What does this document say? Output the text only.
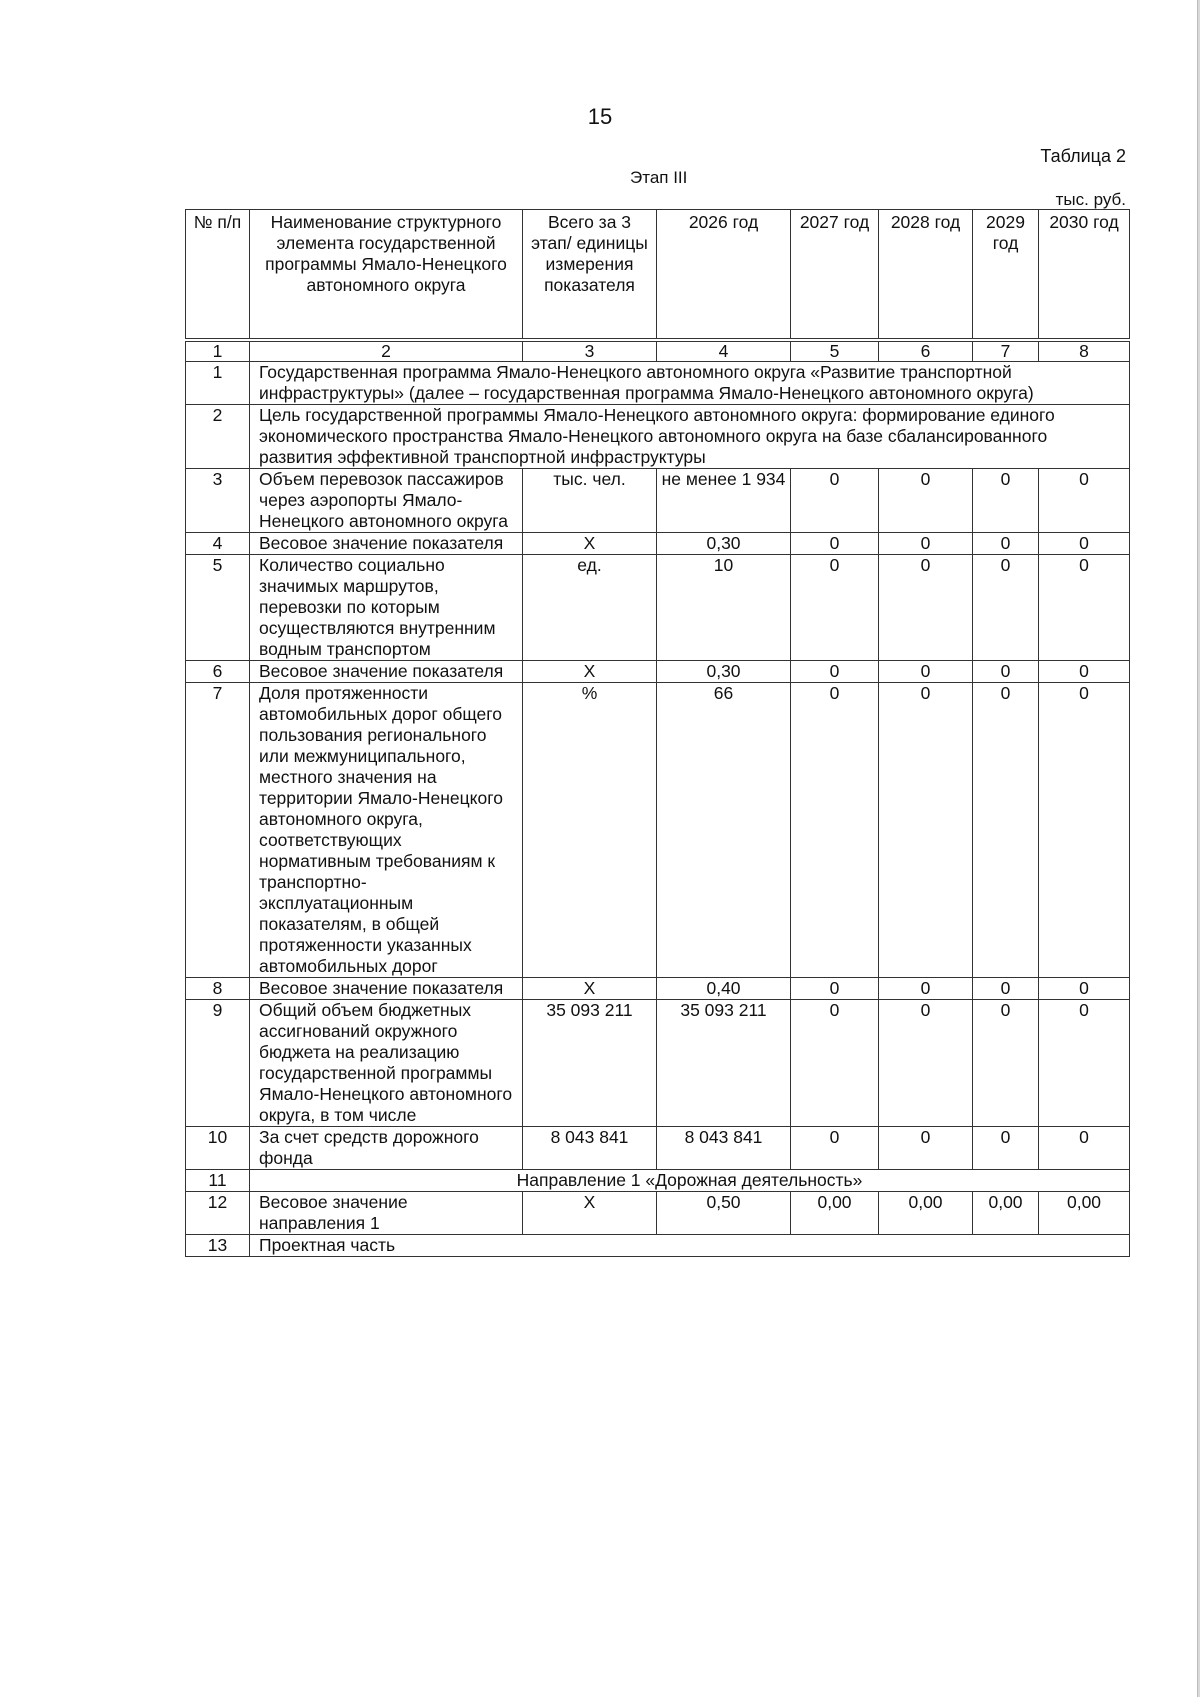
15
Таблица 2
Этап III
тыс. руб.
№ п/п	Наименование структурного элемента государственной программы Ямало-Ненецкого автономного округа	Всего за 3 этап/ единицы измерения показателя	2026 год	2027 год	2028 год	2029 год	2030 год
1	2	3	4	5	6	7	8
1	Государственная программа Ямало-Ненецкого автономного округа «Развитие транспортной инфраструктуры» (далее – государственная программа Ямало-Ненецкого автономного округа)						
2	Цель государственной программы Ямало-Ненецкого автономного округа: формирование единого экономического пространства Ямало-Ненецкого автономного округа на базе сбалансированного развития эффективной транспортной инфраструктуры						
3	Объем перевозок пассажиров через аэропорты Ямало-Ненецкого автономного округа	тыс. чел.	не менее 1 934	0	0	0	0
4	Весовое значение показателя	Х	0,30	0	0	0	0
5	Количество социально значимых маршрутов, перевозки по которым осуществляются внутренним водным транспортом	ед.	10	0	0	0	0
6	Весовое значение показателя	Х	0,30	0	0	0	0
7	Доля протяженности автомобильных дорог общего пользования регионального или межмуниципального, местного значения на территории Ямало-Ненецкого автономного округа, соответствующих нормативным требованиям к транспортно-эксплуатационным показателям, в общей протяженности указанных автомобильных дорог	%	66	0	0	0	0
8	Весовое значение показателя	Х	0,40	0	0	0	0
9	Общий объем бюджетных ассигнований окружного бюджета на реализацию государственной программы Ямало-Ненецкого автономного округа, в том числе	35 093 211	35 093 211	0	0	0	0
10	За счет средств дорожного фонда	8 043 841	8 043 841	0	0	0	0
11	Направление 1 «Дорожная деятельность»						
12	Весовое значение направления 1	Х	0,50	0,00	0,00	0,00	0,00
13	Проектная часть						
